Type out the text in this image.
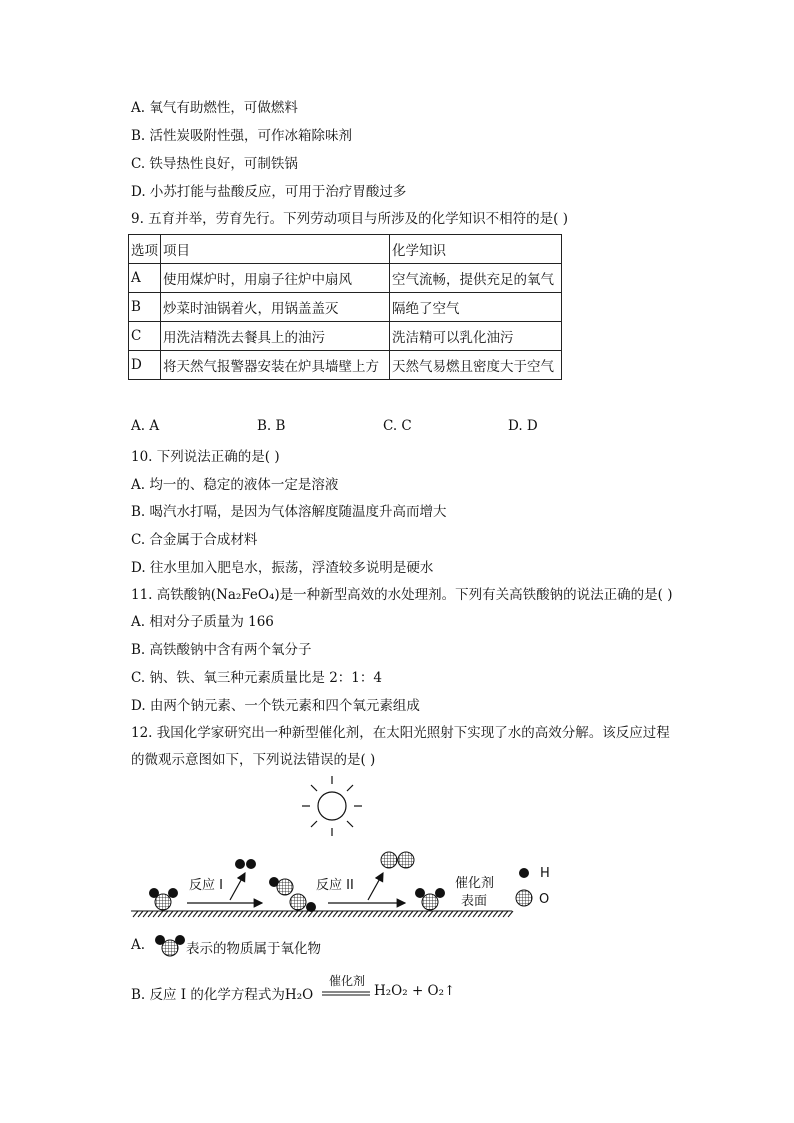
A. 氧气有助燃性，可做燃料
B. 活性炭吸附性强，可作冰箱除味剂
C. 铁导热性良好，可制铁锅
D. 小苏打能与盐酸反应，可用于治疗胃酸过多
9. 五育并举，劳育先行。下列劳动项目与所涉及的化学知识不相符的是( )
选项	项目	化学知识
A	使用煤炉时，用扇子往炉中扇风	空气流畅，提供充足的氧气
B	炒菜时油锅着火，用锅盖盖灭	隔绝了空气
C	用洗洁精洗去餐具上的油污	洗洁精可以乳化油污
D	将天然气报警器安装在炉具墙壁上方	天然气易燃且密度大于空气
A. A	B. B	C. C	D. D
10. 下列说法正确的是( )
A. 均一的、稳定的液体一定是溶液
B. 喝汽水打嗝，是因为气体溶解度随温度升高而增大
C. 合金属于合成材料
D. 往水里加入肥皂水，振荡，浮渣较多说明是硬水
11. 高铁酸钠(Na₂FeO₄)是一种新型高效的水处理剂。下列有关高铁酸钠的说法正确的是( )
A. 相对分子质量为 166
B. 高铁酸钠中含有两个氧分子
C. 钠、铁、氧三种元素质量比是 2：1：4
D. 由两个钠元素、一个铁元素和四个氧元素组成
12. 我国化学家研究出一种新型催化剂，在太阳光照射下实现了水的高效分解。该反应过程
的微观示意图如下，下列说法错误的是( )
反应 I	反应 II	催化剂
表面
H
O
A.	表示的物质属于氧化物
B. 反应 I 的化学方程式为H₂O
催化剂
H₂O₂ + O₂↑
